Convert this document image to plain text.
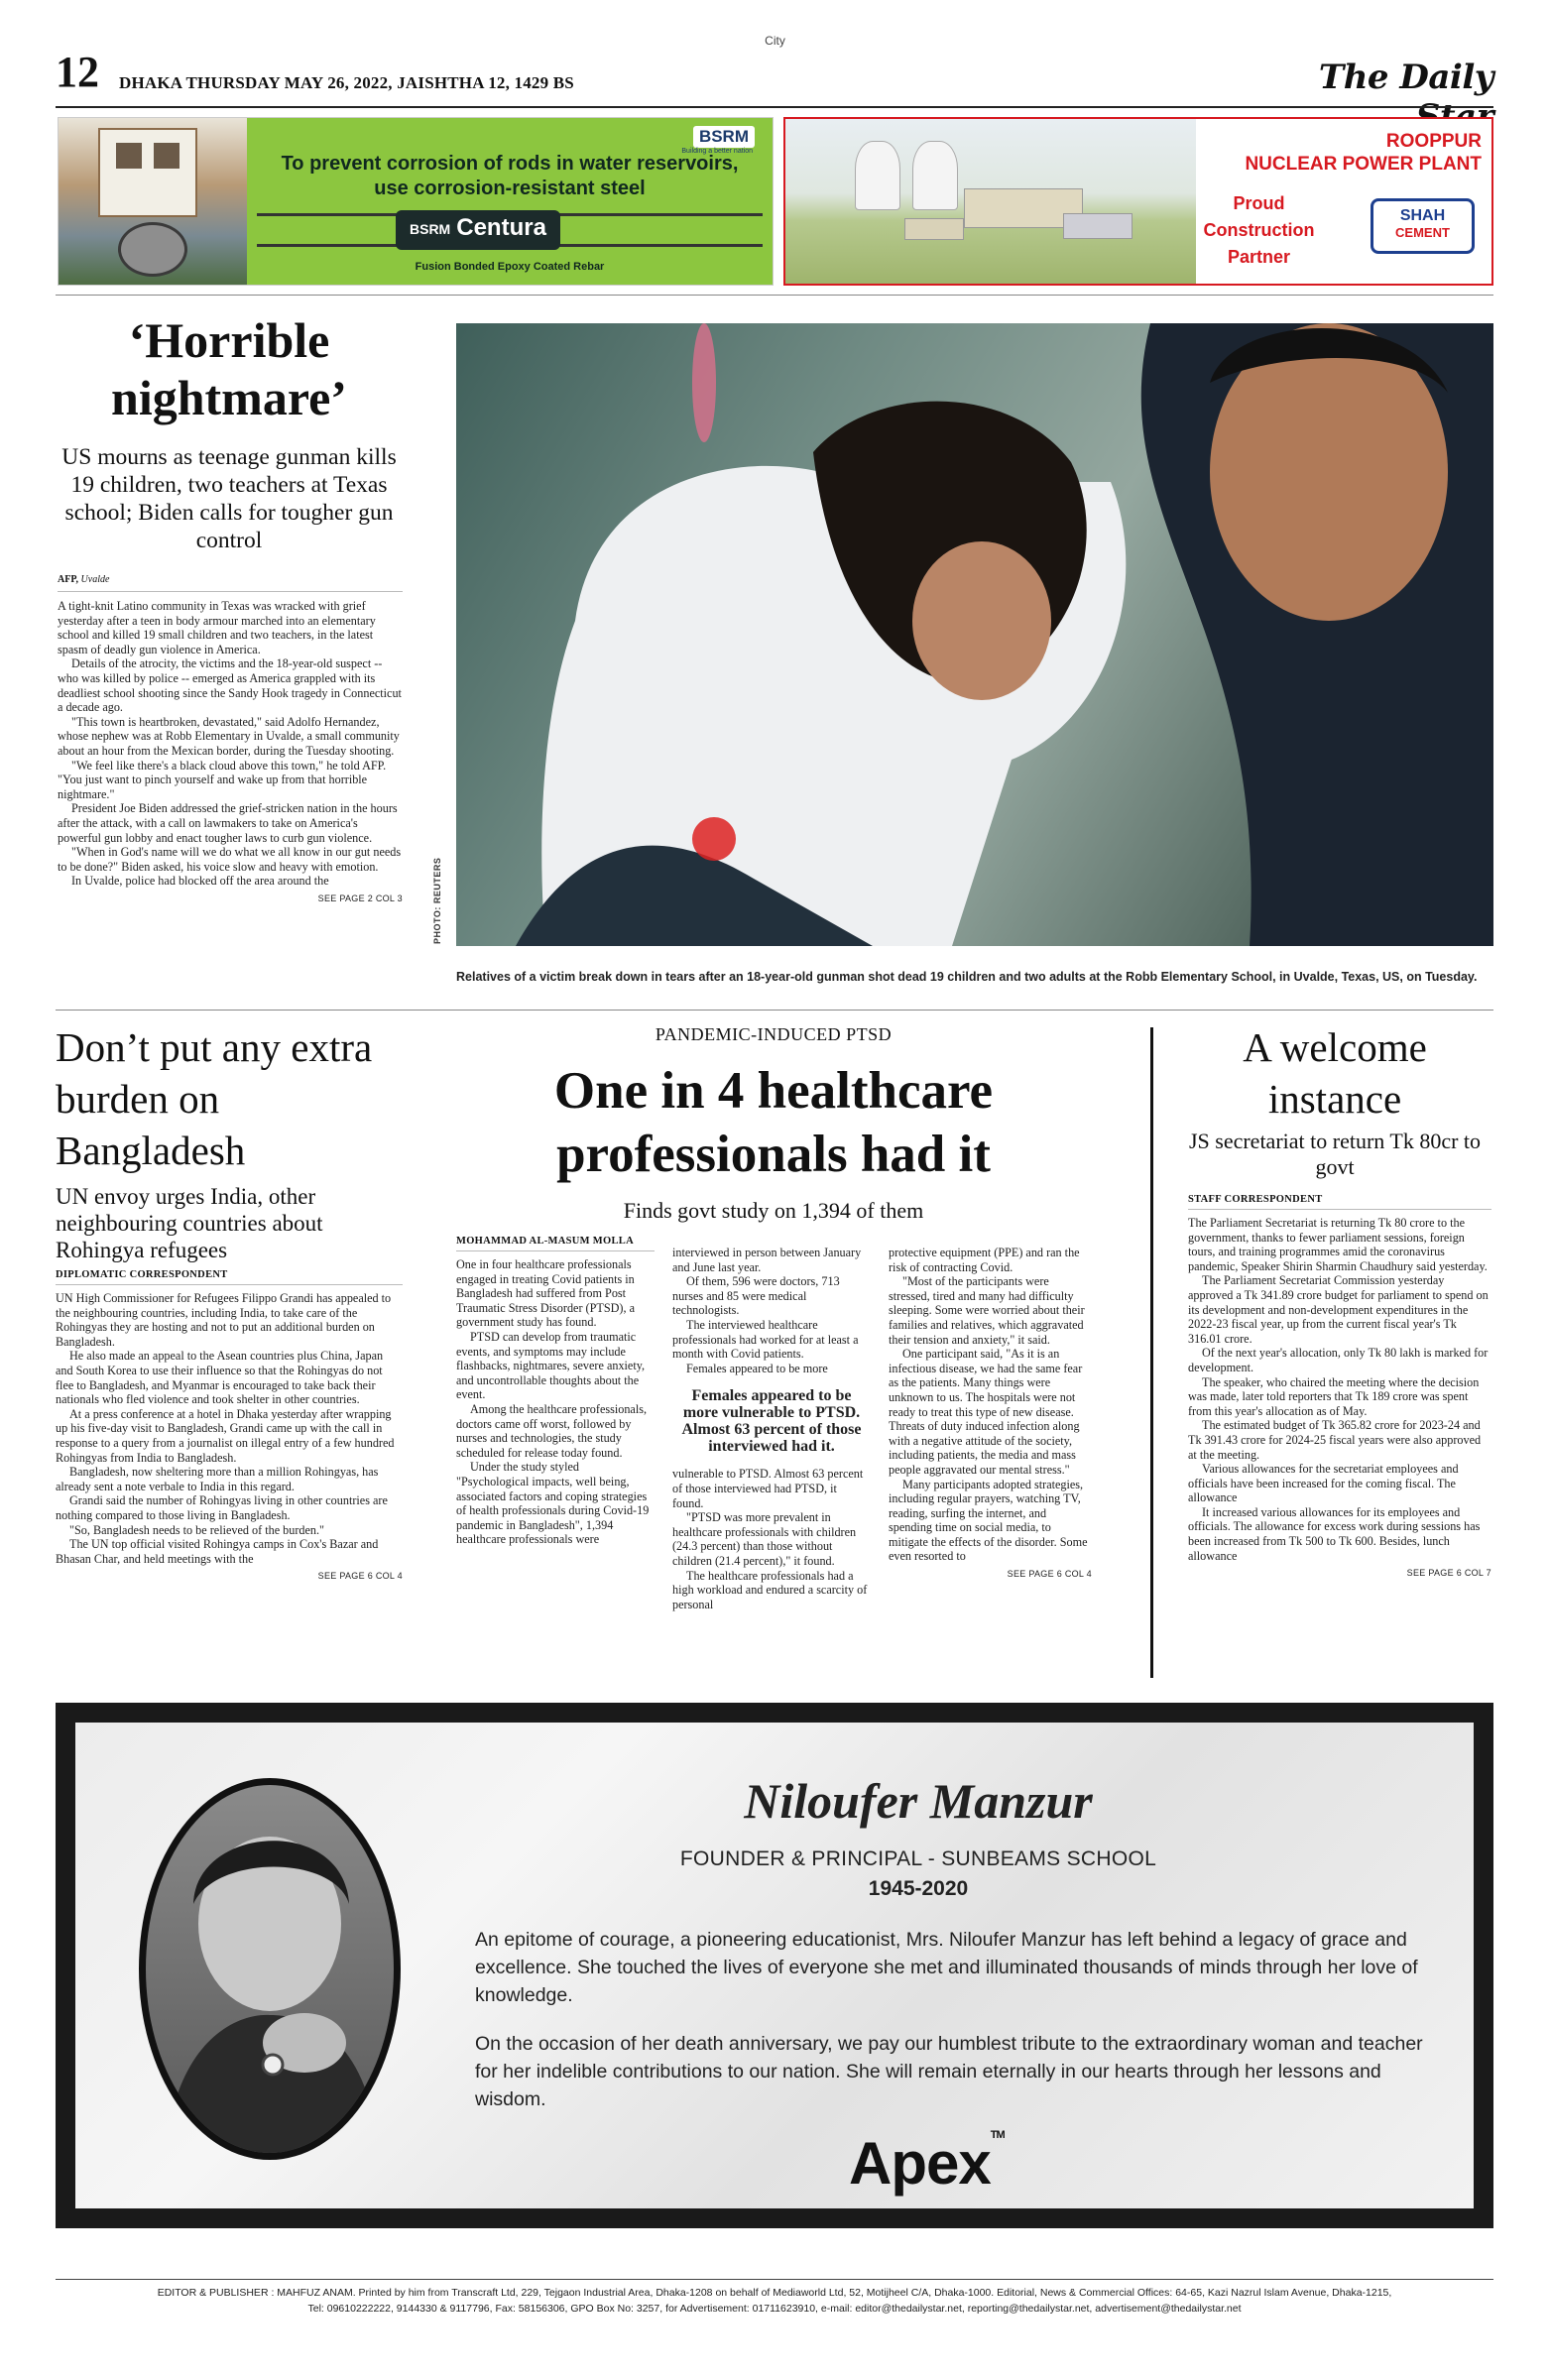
City
12 DHAKA THURSDAY MAY 26, 2022, JAISHTHA 12, 1429 BS	The Daily
BSRM
Building a better nation
To prevent corrosion of rods in water reservoirs, use corrosion-resistant steel
BSRM Centura
Fusion Bonded Epoxy Coated Rebar
ROOPPUR
NUCLEAR POWER PLANT
Proud Construction Partner
SHAH
CEMENT
‘Horrible nightmare’
US mourns as teenage gunman kills 19 children, two teachers at Texas school; Biden calls for tougher gun control
AFP, Uvalde

A tight-knit Latino community in Texas was wracked with grief yesterday after a teen in body armour marched into an elementary school and killed 19 small children and two teachers, in the latest spasm of deadly gun violence in America.

Details of the atrocity, the victims and the 18-year-old suspect -- who was killed by police -- emerged as America grappled with its deadliest school shooting since the Sandy Hook tragedy in Connecticut a decade ago.

"This town is heartbroken, devastated," said Adolfo Hernandez, whose nephew was at Robb Elementary in Uvalde, a small community about an hour from the Mexican border, during the Tuesday shooting.

"We feel like there's a black cloud above this town," he told AFP. "You just want to pinch yourself and wake up from that horrible nightmare."

President Joe Biden addressed the grief-stricken nation in the hours after the attack, with a call on lawmakers to take on America's powerful gun lobby and enact tougher laws to curb gun violence.

"When in God's name will we do what we all know in our gut needs to be done?" Biden asked, his voice slow and heavy with emotion.

In Uvalde, police had blocked off the area around the

SEE PAGE 2 COL 3	PHOTO: REUTERS
Relatives of a victim break down in tears after an 18-year-old gunman shot dead 19 children and two adults at the Robb Elementary School, in Uvalde, Texas, US, on Tuesday.
Don’t put any extra burden on Bangladesh
UN envoy urges India, other neighbouring countries about Rohingya refugees
DIPLOMATIC CORRESPONDENT

UN High Commissioner for Refugees Filippo Grandi has appealed to the neighbouring countries, including India, to take care of the Rohingyas they are hosting and not to put an additional burden on Bangladesh.

He also made an appeal to the Asean countries plus China, Japan and South Korea to use their influence so that the Rohingyas do not flee to Bangladesh, and Myanmar is encouraged to take back their nationals who fled violence and took shelter in other countries.

At a press conference at a hotel in Dhaka yesterday after wrapping up his five-day visit to Bangladesh, Grandi came up with the call in response to a query from a journalist on illegal entry of a few hundred Rohingyas from India to Bangladesh.

Bangladesh, now sheltering more than a million Rohingyas, has already sent a note verbale to India in this regard.

Grandi said the number of Rohingyas living in other countries are nothing compared to those living in Bangladesh.

"So, Bangladesh needs to be relieved of the burden."

The UN top official visited Rohingya camps in Cox's Bazar and Bhasan Char, and held meetings with the

SEE PAGE 6 COL 4
PANDEMIC-INDUCED PTSD
One in 4 healthcare professionals had it
Finds govt study on 1,394 of them
MOHAMMAD AL-MASUM MOLLA

One in four healthcare professionals engaged in treating Covid patients in Bangladesh had suffered from Post Traumatic Stress Disorder (PTSD), a government study has found.

PTSD can develop from traumatic events, and symptoms may include flashbacks, nightmares, severe anxiety, and uncontrollable thoughts about the event.

Among the healthcare professionals, doctors came off worst, followed by nurses and technologies, the study scheduled for release today found.

Under the study styled "Psychological impacts, well being, associated factors and coping strategies of health professionals during Covid-19 pandemic in Bangladesh", 1,394 healthcare professionals were

interviewed in person between January and June last year.

Of them, 596 were doctors, 713 nurses and 85 were medical technologists.

The interviewed healthcare professionals had worked for at least a month with Covid patients.

Females appeared to be more

Females appeared to be more vulnerable to PTSD. Almost 63 percent of those interviewed had it.

vulnerable to PTSD. Almost 63 percent of those interviewed had PTSD, it found.

"PTSD was more prevalent in healthcare professionals with children (24.3 percent) than those without children (21.4 percent)," it found.

The healthcare professionals had a high workload and endured a scarcity of personal

protective equipment (PPE) and ran the risk of contracting Covid.

"Most of the participants were stressed, tired and many had difficulty sleeping. Some were worried about their families and relatives, which aggravated their tension and anxiety," it said.

One participant said, "As it is an infectious disease, we had the same fear as the patients. Many things were unknown to us. The hospitals were not ready to treat this type of new disease. Threats of duty induced infection along with a negative attitude of the society, including patients, the media and mass people aggravated our mental stress."

Many participants adopted strategies, including regular prayers, watching TV, reading, surfing the internet, and spending time on social media, to mitigate the effects of the disorder. Some even resorted to

SEE PAGE 6 COL 4
A welcome instance
JS secretariat to return Tk 80cr to govt
STAFF CORRESPONDENT

The Parliament Secretariat is returning Tk 80 crore to the government, thanks to fewer parliament sessions, foreign tours, and training programmes amid the coronavirus pandemic, Speaker Shirin Sharmin Chaudhury said yesterday.

The Parliament Secretariat Commission yesterday approved a Tk 341.89 crore budget for parliament to spend on its development and non-development expenditures in the 2022-23 fiscal year, up from the current fiscal year's Tk 316.01 crore.

Of the next year's allocation, only Tk 80 lakh is marked for development.

The speaker, who chaired the meeting where the decision was made, later told reporters that Tk 189 crore was spent from this year's allocation as of May.

The estimated budget of Tk 365.82 crore for 2023-24 and Tk 391.43 crore for 2024-25 fiscal years were also approved at the meeting.

Various allowances for the secretariat employees and officials have been increased for the coming fiscal. The allowance

It increased various allowances for its employees and officials. The allowance for excess work during sessions has been increased from Tk 500 to Tk 600. Besides, lunch allowance

SEE PAGE 6 COL 7
Niloufer Manzur
FOUNDER & PRINCIPAL - SUNBEAMS SCHOOL
1945-2020
An epitome of courage, a pioneering educationist, Mrs. Niloufer Manzur has left behind a legacy of grace and excellence. She touched the lives of everyone she met and illuminated thousands of minds through her love of knowledge.
On the occasion of her death anniversary, we pay our humblest tribute to the extraordinary woman and teacher for her indelible contributions to our nation. She will remain eternally in our hearts through her lessons and wisdom.
Apex™
EDITOR & PUBLISHER : MAHFUZ ANAM. Printed by him from Transcraft Ltd, 229, Tejgaon Industrial Area, Dhaka-1208 on behalf of Mediaworld Ltd, 52, Motijheel C/A, Dhaka-1000. Editorial, News & Commercial Offices: 64-65, Kazi Nazrul Islam Avenue, Dhaka-1215,
Tel: 09610222222, 9144330 & 9117796, Fax: 58156306, GPO Box No: 3257, for Advertisement: 01711623910, e-mail: editor@thedailystar.net, reporting@thedailystar.net, advertisement@thedailystar.net
